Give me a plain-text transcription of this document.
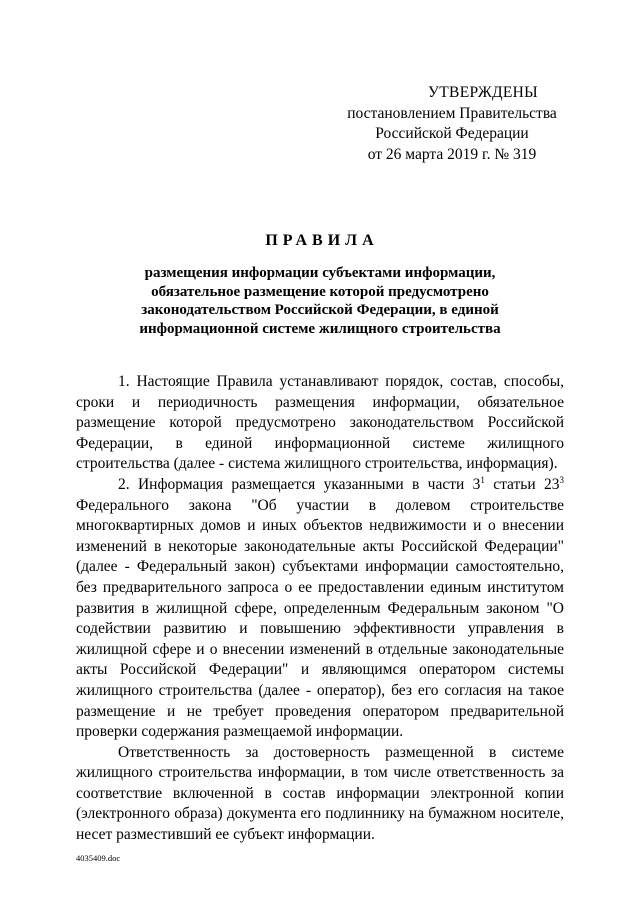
УТВЕРЖДЕНЫ
постановлением Правительства
Российской Федерации
от 26 марта 2019 г. № 319
ПРАВИЛА
размещения информации субъектами информации,
обязательное размещение которой предусмотрено
законодательством Российской Федерации, в единой
информационной системе жилищного строительства

1. Настоящие Правила устанавливают порядок, состав, способы, сроки и периодичность размещения информации, обязательное размещение которой предусмотрено законодательством Российской Федерации, в единой информационной системе жилищного строительства (далее - система жилищного строительства, информация).

2. Информация размещается указанными в части $3^1$ статьи $23^3$ Федерального закона "Об участии в долевом строительстве многоквартирных домов и иных объектов недвижимости и о внесении изменений в некоторые законодательные акты Российской Федерации" (далее - Федеральный закон) субъектами информации самостоятельно, без предварительного запроса о ее предоставлении единым институтом развития в жилищной сфере, определенным Федеральным законом "О содействии развитию и повышению эффективности управления в жилищной сфере и о внесении изменений в отдельные законодательные акты Российской Федерации" и являющимся оператором системы жилищного строительства (далее - оператор), без его согласия на такое размещение и не требует проведения оператором предварительной проверки содержания размещаемой информации.

Ответственность за достоверность размещенной в системе жилищного строительства информации, в том числе ответственность за соответствие включенной в состав информации электронной копии (электронного образа) документа его подлиннику на бумажном носителе, несет разместивший ее субъект информации.

4035409.doc
